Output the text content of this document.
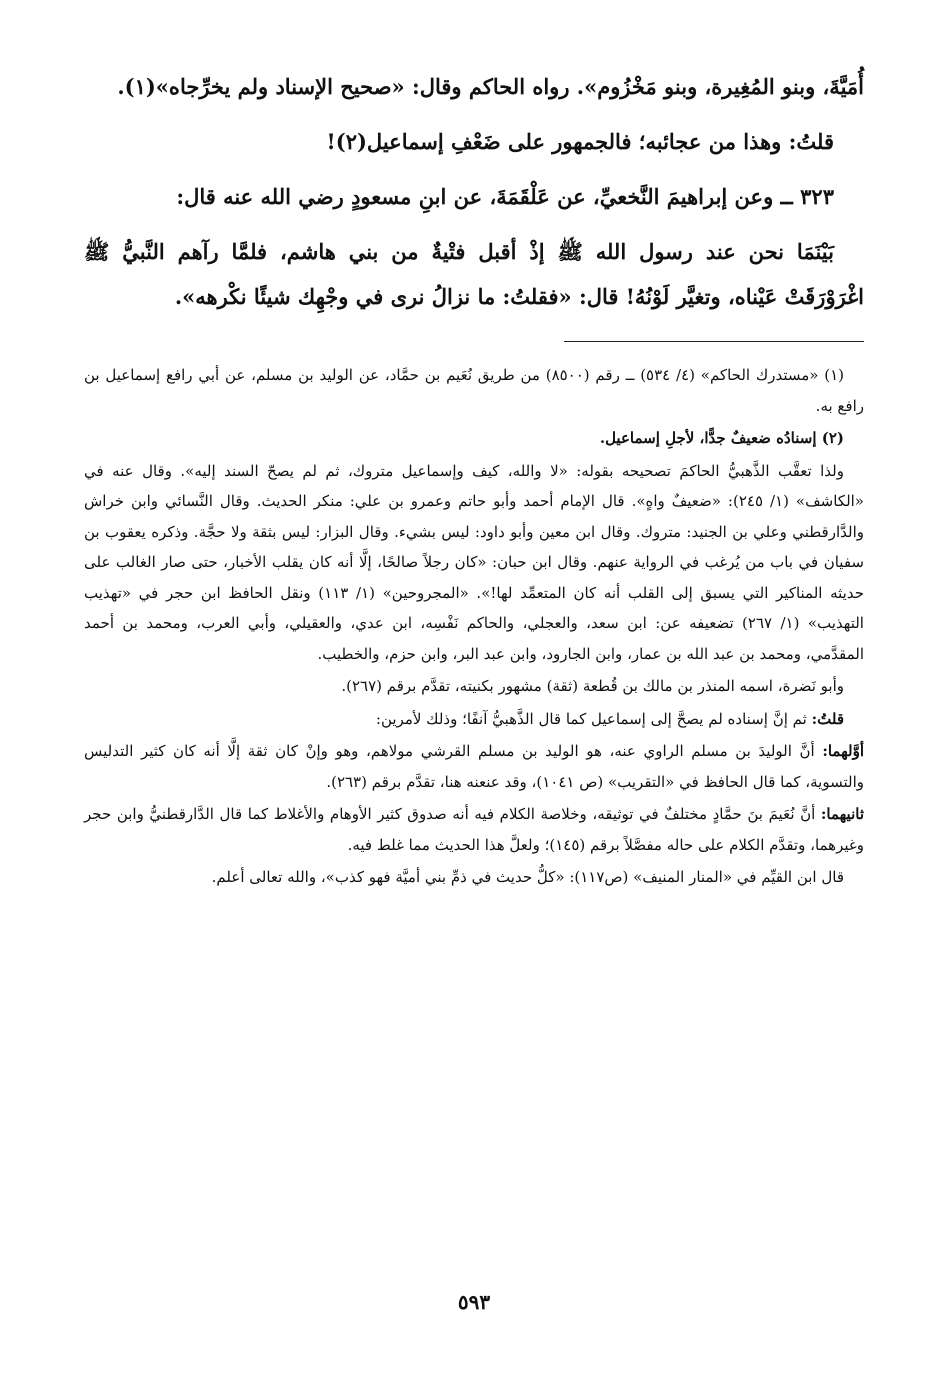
أُمَيَّةَ، وبنو المُغِيرة، وبنو مَخْزُوم». رواه الحاكم وقال: «صحيح الإسناد ولم يخرِّجاه»(١).

قلتُ: وهذا من عجائبه؛ فالجمهور على ضَعْفِ إسماعيل(٢)!

٣٢٣ ــ وعن إبراهيمَ النَّخعيِّ، عن عَلْقَمَةَ، عن ابنِ مسعودٍ رضي الله عنه قال:

بَيْنَمَا نحن عند رسول الله ﷺ إذْ أقبل فتْيةٌ من بني هاشم، فلمَّا رآهم النَّبيُّ ﷺ اغْرَوْرَقَتْ عَيْناه، وتغيَّر لَوْنُهُ! قال: «فقلتُ: ما نزالُ نرى في وجْهِك شيئًا نكْرهه».

(١) «مستدرك الحاكم» (٤/ ٥٣٤) ــ رقم (٨٥٠٠) من طريق نُعَيم بن حمَّاد، عن الوليد بن مسلم، عن أبي رافع إسماعيل بن رافع به.

(٢) إسنادُه ضعيفٌ جدًّا، لأجلِ إسماعيل.

ولذا تعقَّب الذَّهبيُّ الحاكمَ تصحيحه بقوله: «لا والله، كيف وإسماعيل متروك، ثم لم يصحّ السند إليه». وقال عنه في «الكاشف» (١/ ٢٤٥): «ضعيفٌ واهٍ». قال الإمام أحمد وأبو حاتم وعمرو بن علي: منكر الحديث. وقال النَّسائي وابن خراش والدَّارقطني وعلي بن الجنيد: متروك. وقال ابن معين وأبو داود: ليس بشيء. وقال البزار: ليس بثقة ولا حجَّة. وذكره يعقوب بن سفيان في باب من يُرغب في الرواية عنهم. وقال ابن حبان: «كان رجلاً صالحًا، إلَّا أنه كان يقلب الأخبار، حتى صار الغالب على حديثه المناكير التي يسبق إلى القلب أنه كان المتعمِّد لها!». «المجروحين» (١/ ١١٣) ونقل الحافظ ابن حجر في «تهذيب التهذيب» (١/ ٢٦٧) تضعيفه عن: ابن سعد، والعجلي، والحاكم نَفْسِه، ابن عدي، والعقيلي، وأبي العرب، ومحمد بن أحمد المقدَّمي، ومحمد بن عبد الله بن عمار، وابن الجارود، وابن عبد البر، وابن حزم، والخطيب.

وأبو نَضرة، اسمه المنذر بن مالك بن قُطعة (ثقة) مشهور بكنيته، تقدَّم برقم (٢٦٧).

قلتُ: ثم إنَّ إسناده لم يصحَّ إلى إسماعيل كما قال الذَّهبيُّ آنفًا؛ وذلك لأمرين:

أوَّلهما: أنَّ الوليدَ بن مسلم الراوي عنه، هو الوليد بن مسلم القرشي مولاهم، وهو وإنْ كان ثقة إلَّا أنه كان كثير التدليس والتسوية، كما قال الحافظ في «التقريب» (ص ١٠٤١)، وقد عنعنه هنا، تقدَّم برقم (٢٦٣).

ثانيهما: أنَّ نُعَيمَ بنَ حمَّادٍ مختلفٌ في توثيقه، وخلاصة الكلام فيه أنه صدوق كثير الأوهام والأغلاط كما قال الدَّارقطنيُّ وابن حجر وغيرهما، وتقدَّم الكلام على حاله مفصَّلاً برقم (١٤٥)؛ ولعلَّ هذا الحديث مما غلط فيه.

قال ابن القيِّم في «المنار المنيف» (ص١١٧): «كلُّ حديث في ذمِّ بني أميَّة فهو كذب»، والله تعالى أعلم.

٥٩٣
